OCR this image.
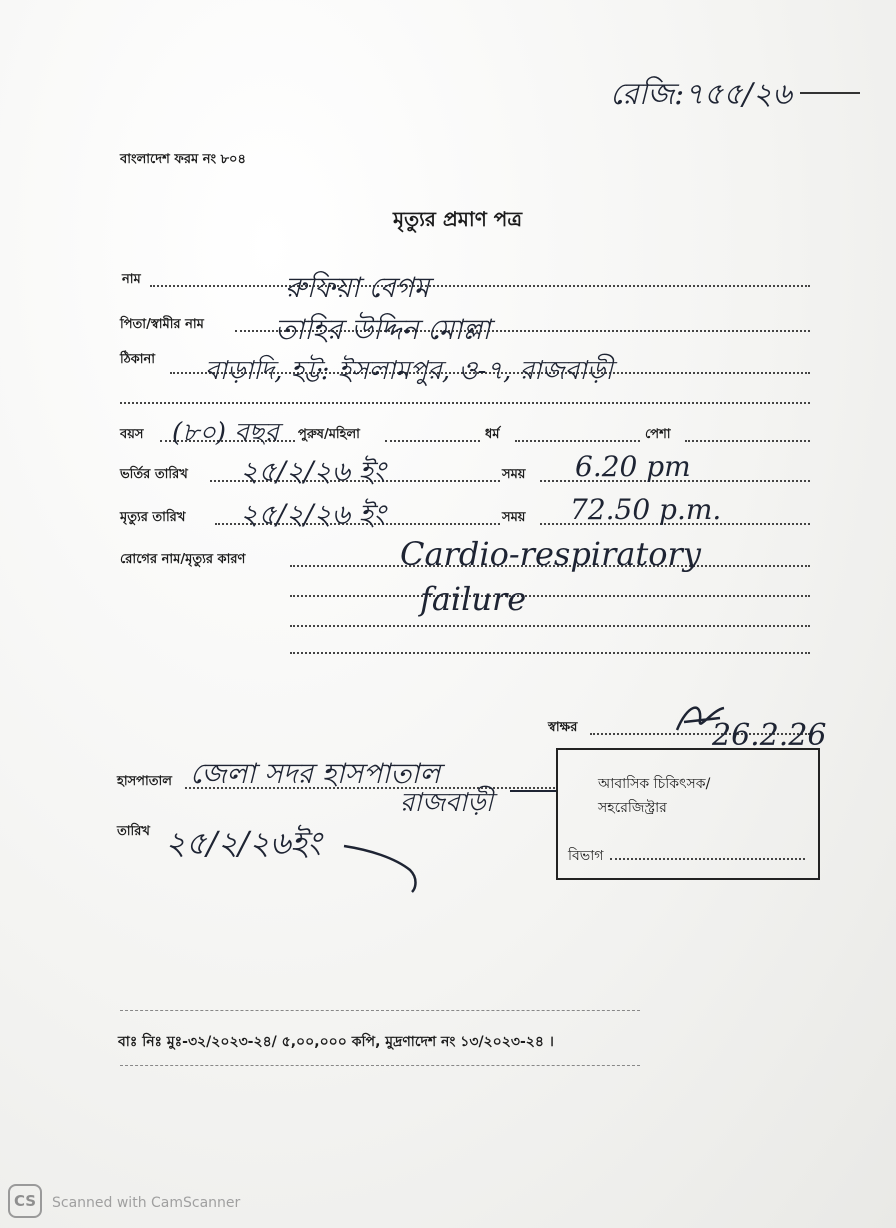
রেজি:৭৫৫/২৬
বাংলাদেশ ফরম নং ৮০৪
মৃত্যুর প্রমাণ পত্র
নাম	রুফিয়া বেগম
পিতা/স্বামীর নাম	তাহির উদ্দিন মোল্লা
ঠিকানা বাড়াদি, হট্ট: ইসলামপুর, ও-৭, রাজবাড়ী
বয়স (৮০) বছর পুরুষ/মহিলা	ধর্ম	পেশা
ভর্তির তারিখ ২৫/২/২৬ ইং	সময় 6.20 pm
মৃত্যুর তারিখ ২৫/২/২৬ ইং	সময় 72.50 p.m.
রোগের নাম/মৃত্যুর কারণ	Cardio-respiratory
failure
স্বাক্ষর	26.2.26
হাসপাতাল জেলা সদর হাসপাতাল
রাজবাড়ী
তারিখ ২৫/২/২৬ইং
আবাসিক চিকিৎসক/
সহরেজিস্ট্রার
বিভাগ
বাঃ নিঃ মুঃ-৩২/২০২৩-২৪/ ৫,০০,০০০ কপি, মুদ্রণাদেশ নং ১৩/২০২৩-২৪ ।
CS	Scanned with CamScanner
